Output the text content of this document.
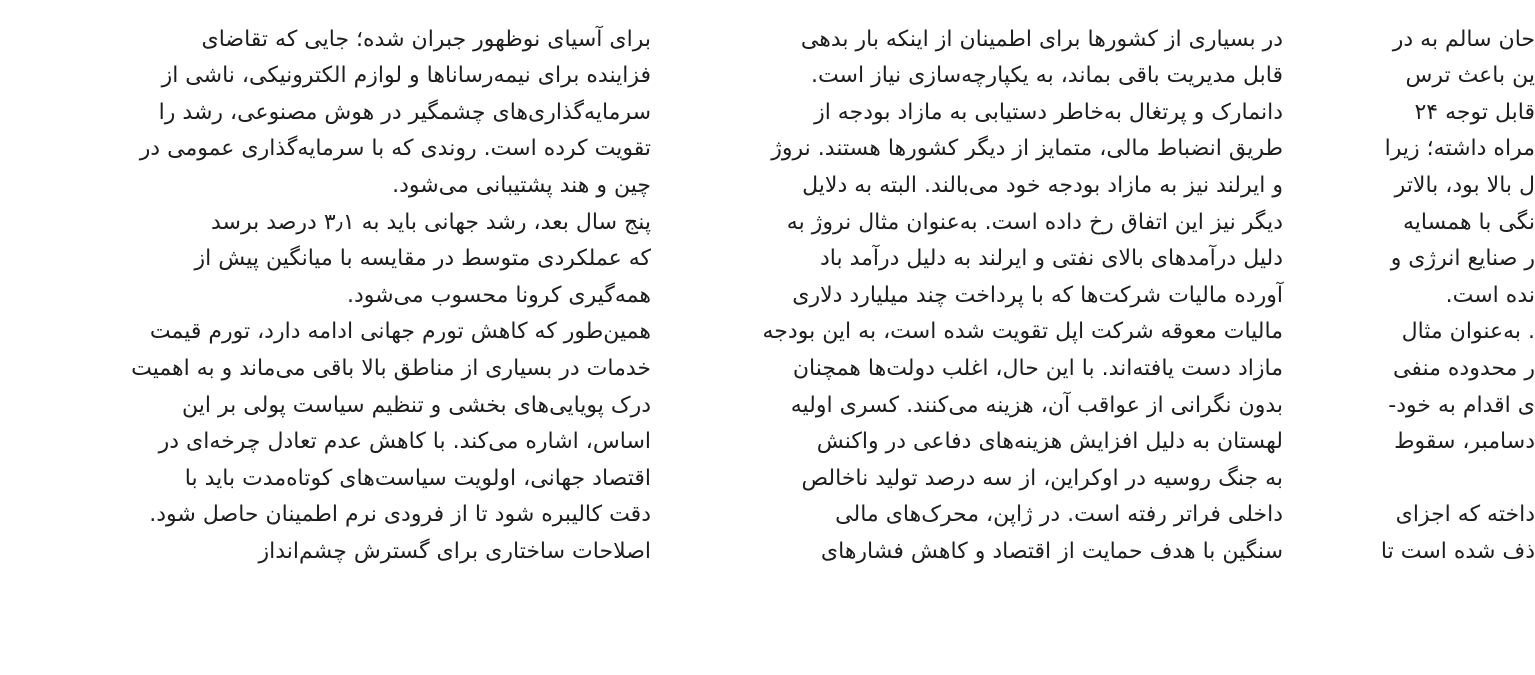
برای آسیای نوظهور جبران شده؛ جایی که تقاضای
فزاینده برای نیمه‌رساناها و لوازم الکترونیکی، ناشی از
سرمایه‌گذاری‌های چشمگیر در هوش مصنوعی، رشد را
تقویت کرده است. روندی که با سرمایه‌گذاری عمومی در
چین و هند پشتیبانی می‌شود.
پنج سال بعد، رشد جهانی باید به ۳٫۱ درصد برسد
که عملکردی متوسط در مقایسه با میانگین پیش از
همه‌گیری کرونا محسوب می‌شود.
همین‌طور که کاهش تورم جهانی ادامه دارد، تورم قیمت
خدمات در بسیاری از مناطق بالا باقی می‌ماند و به اهمیت
درک پویایی‌های بخشی و تنظیم سیاست پولی بر این
اساس، اشاره می‌کند. با کاهش عدم تعادل چرخه‌ای در
اقتصاد جهانی، اولویت سیاست‌های کوتاه‌مدت باید با
دقت کالیبره شود تا از فرودی نرم اطمینان حاصل شود.
اصلاحات ساختاری برای گسترش چشم‌انداز
در بسیاری از کشورها برای اطمینان از اینکه بار بدهی
قابل مدیریت باقی بماند، به یکپارچه‌سازی نیاز است.
دانمارک و پرتغال به‌خاطر دستیابی به مازاد بودجه از
طریق انضباط مالی، متمایز از دیگر کشورها هستند. نروژ
و ایرلند نیز به مازاد بودجه خود می‌بالند. البته به دلایل
دیگر نیز این اتفاق رخ داده است. به‌عنوان مثال نروژ به
دلیل درآمدهای بالای نفتی و ایرلند به دلیل درآمد باد
آورده مالیات شرکت‌ها که با پرداخت چند میلیارد دلاری
مالیات معوقه شرکت اپل تقویت شده است، به این بودجه
مازاد دست یافته‌اند. با این حال، اغلب دولت‌ها همچنان
بدون نگرانی از عواقب آن، هزینه می‌کنند. کسری اولیه
لهستان به دلیل افزایش هزینه‌های دفاعی در واکنش
به جنگ روسیه در اوکراین، از سه درصد تولید ناخالص
داخلی فراتر رفته است. در ژاپن، محرک‌های مالی
سنگین با هدف حمایت از اقتصاد و کاهش فشارهای
حان سالم به در
ین باعث ترس
قابل توجه ۲۴
مراه داشته؛ زیرا
ل بالا بود، بالاتر
نگی با همسایه
ر صنایع انرژی و
نده است.
. به‌عنوان مثال
ر محدوده منفی
ی اقدام به خود-
دسامبر، سقوط
داخته که اجزای
ذف شده است تا
